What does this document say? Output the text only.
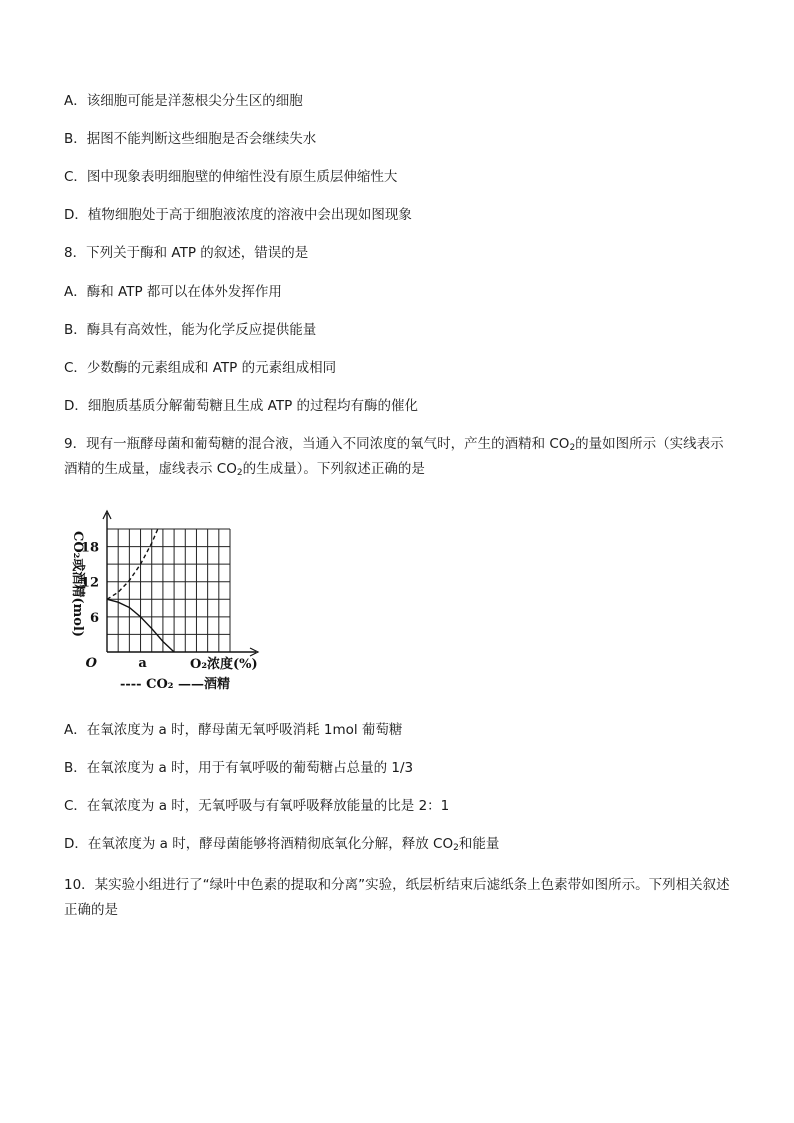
A．该细胞可能是洋葱根尖分生区的细胞
B．据图不能判断这些细胞是否会继续失水
C．图中现象表明细胞壁的伸缩性没有原生质层伸缩性大
D．植物细胞处于高于细胞液浓度的溶液中会出现如图现象
8．下列关于酶和 ATP 的叙述，错误的是
A．酶和 ATP 都可以在体外发挥作用
B．酶具有高效性，能为化学反应提供能量
C．少数酶的元素组成和 ATP 的元素组成相同
D．细胞质基质分解葡萄糖且生成 ATP 的过程均有酶的催化
9．现有一瓶酵母菌和葡萄糖的混合液，当通入不同浓度的氧气时，产生的酒精和 $CO_2$的量如图所示（实线表示酒精的生成量，虚线表示 $CO_2$的生成量）。下列叙述正确的是
6
12
18
O	a	O₂浓度(%)
CO₂或酒精(mol)
---- CO₂ ——酒精
A．在氧浓度为 a 时，酵母菌无氧呼吸消耗 1mol 葡萄糖
B．在氧浓度为 a 时，用于有氧呼吸的葡萄糖占总量的 1/3
C．在氧浓度为 a 时，无氧呼吸与有氧呼吸释放能量的比是 2：1
D．在氧浓度为 a 时，酵母菌能够将酒精彻底氧化分解，释放 $CO_2$和能量
10．某实验小组进行了“绿叶中色素的提取和分离”实验，纸层析结束后滤纸条上色素带如图所示。下列相关叙述正确的是
